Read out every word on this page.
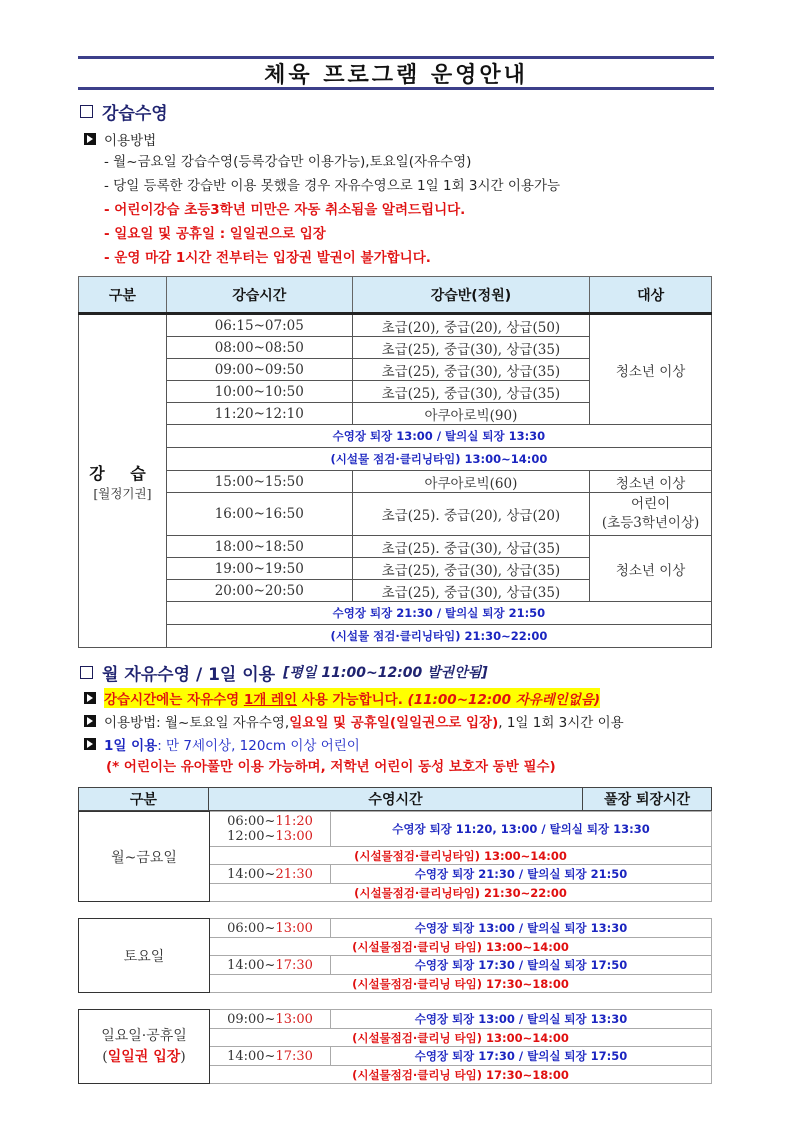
체육 프로그램 운영안내
강습수영
이용방법
- 월~금요일 강습수영(등록강습만 이용가능),토요일(자유수영)
- 당일 등록한 강습반 이용 못했을 경우 자유수영으로 1일 1회 3시간 이용가능
- 어린이강습 초등3학년 미만은 자동 취소됨을 알려드립니다.
- 일요일 및 공휴일 : 일일권으로 입장
- 운영 마감 1시간 전부터는 입장권 발권이 불가합니다.
구분	강습시간	강습반(정원)	대상

강 습
[월정기권]	06:15~07:05	초급(20), 중급(20), 상급(50)	청소년 이상
	08:00~08:50	초급(25), 중급(30), 상급(35)	
	09:00~09:50	초급(25), 중급(30), 상급(35)	
	10:00~10:50	초급(25), 중급(30), 상급(35)	
	11:20~12:10	아쿠아로빅(90)	
	수영장 퇴장 13:00 / 탈의실 퇴장 13:30		
	(시설물 점검·클리닝타임) 13:00~14:00		
	15:00~15:50	아쿠아로빅(60)	청소년 이상
	16:00~16:50	초급(25). 중급(20), 상급(20)	어린이
(초등3학년이상)
	18:00~18:50	초급(25). 중급(30), 상급(35)	청소년 이상
	19:00~19:50	초급(25), 중급(30), 상급(35)	
	20:00~20:50	초급(25), 중급(30), 상급(35)	
	수영장 퇴장 21:30 / 탈의실 퇴장 21:50		
	(시설물 점검·클리닝타임) 21:30~22:00		
월 자유수영 / 1일 이용 [평일 11:00~12:00 발권안됨]
강습시간에는 자유수영 1개 레인 사용 가능합니다. (11:00~12:00 자유레인없음)
이용방법: 월~토요일 자유수영, 일요일 및 공휴일(일일권으로 입장) , 1일 1회 3시간 이용
1일 이용 : 만 7세이상, 120cm 이상 어린이
(* 어린이는 유아풀만 이용 가능하며, 저학년 어린이 동성 보호자 동반 필수)
구분	수영시간	풀장 퇴장시간
월~금요일	06:00~11:20
12:00~13:00	수영장 퇴장 11:20, 13:00 / 탈의실 퇴장 13:30
	(시설물점검·클리닝타임) 13:00~14:00	
	14:00~21:30	수영장 퇴장 21:30 / 탈의실 퇴장 21:50
	(시설물점검·클리닝타임) 21:30~22:00	
토요일	06:00~13:00	수영장 퇴장 13:00 / 탈의실 퇴장 13:30
	(시설물점검·클리닝 타임) 13:00~14:00	
	14:00~17:30	수영장 퇴장 17:30 / 탈의실 퇴장 17:50
	(시설물점검·클리닝 타임) 17:30~18:00	
일요일·공휴일
(일일권 입장)	09:00~13:00	수영장 퇴장 13:00 / 탈의실 퇴장 13:30
	(시설물점검·클리닝 타임) 13:00~14:00	
	14:00~17:30	수영장 퇴장 17:30 / 탈의실 퇴장 17:50
	(시설물점검·클리닝 타임) 17:30~18:00	
